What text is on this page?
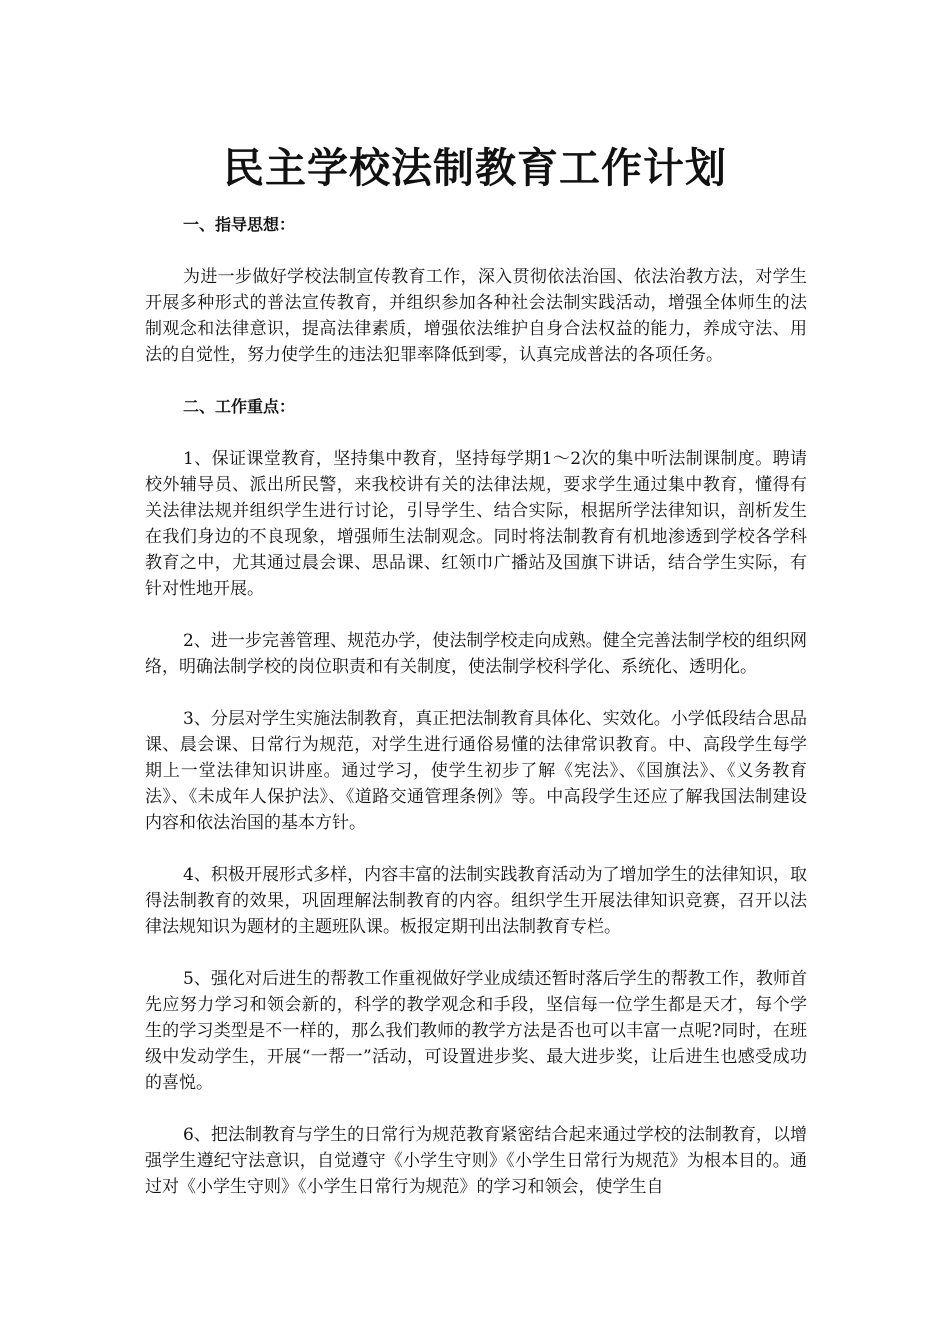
民主学校法制教育工作计划

一、指导思想：

为进一步做好学校法制宣传教育工作，深入贯彻依法治国、依法治教方法，对学生开展多种形式的普法宣传教育，并组织参加各种社会法制实践活动，增强全体师生的法制观念和法律意识，提高法律素质，增强依法维护自身合法权益的能力，养成守法、用法的自觉性，努力使学生的违法犯罪率降低到零，认真完成普法的各项任务。

二、工作重点：

1、保证课堂教育，坚持集中教育，坚持每学期1～2次的集中听法制课制度。聘请校外辅导员、派出所民警，来我校讲有关的法律法规，要求学生通过集中教育，懂得有关法律法规并组织学生进行讨论，引导学生、结合实际，根据所学法律知识，剖析发生在我们身边的不良现象，增强师生法制观念。同时将法制教育有机地渗透到学校各学科教育之中，尤其通过晨会课、思品课、红领巾广播站及国旗下讲话，结合学生实际，有针对性地开展。

2、进一步完善管理、规范办学，使法制学校走向成熟。健全完善法制学校的组织网络，明确法制学校的岗位职责和有关制度，使法制学校科学化、系统化、透明化。

3、分层对学生实施法制教育，真正把法制教育具体化、实效化。小学低段结合思品课、晨会课、日常行为规范，对学生进行通俗易懂的法律常识教育。中、高段学生每学期上一堂法律知识讲座。通过学习，使学生初步了解《宪法》、《国旗法》、《义务教育法》、《未成年人保护法》、《道路交通管理条例》等。中高段学生还应了解我国法制建设内容和依法治国的基本方针。

4、积极开展形式多样，内容丰富的法制实践教育活动为了增加学生的法律知识，取得法制教育的效果，巩固理解法制教育的内容。组织学生开展法律知识竞赛，召开以法律法规知识为题材的主题班队课。板报定期刊出法制教育专栏。

5、强化对后进生的帮教工作重视做好学业成绩还暂时落后学生的帮教工作，教师首先应努力学习和领会新的，科学的教学观念和手段，坚信每一位学生都是天才，每个学生的学习类型是不一样的，那么我们教师的教学方法是否也可以丰富一点呢?同时，在班级中发动学生，开展“一帮一”活动，可设置进步奖、最大进步奖，让后进生也感受成功的喜悦。

6、把法制教育与学生的日常行为规范教育紧密结合起来通过学校的法制教育，以增强学生遵纪守法意识，自觉遵守《小学生守则》《小学生日常行为规范》为根本目的。通过对《小学生守则》《小学生日常行为规范》的学习和领会，使学生自
